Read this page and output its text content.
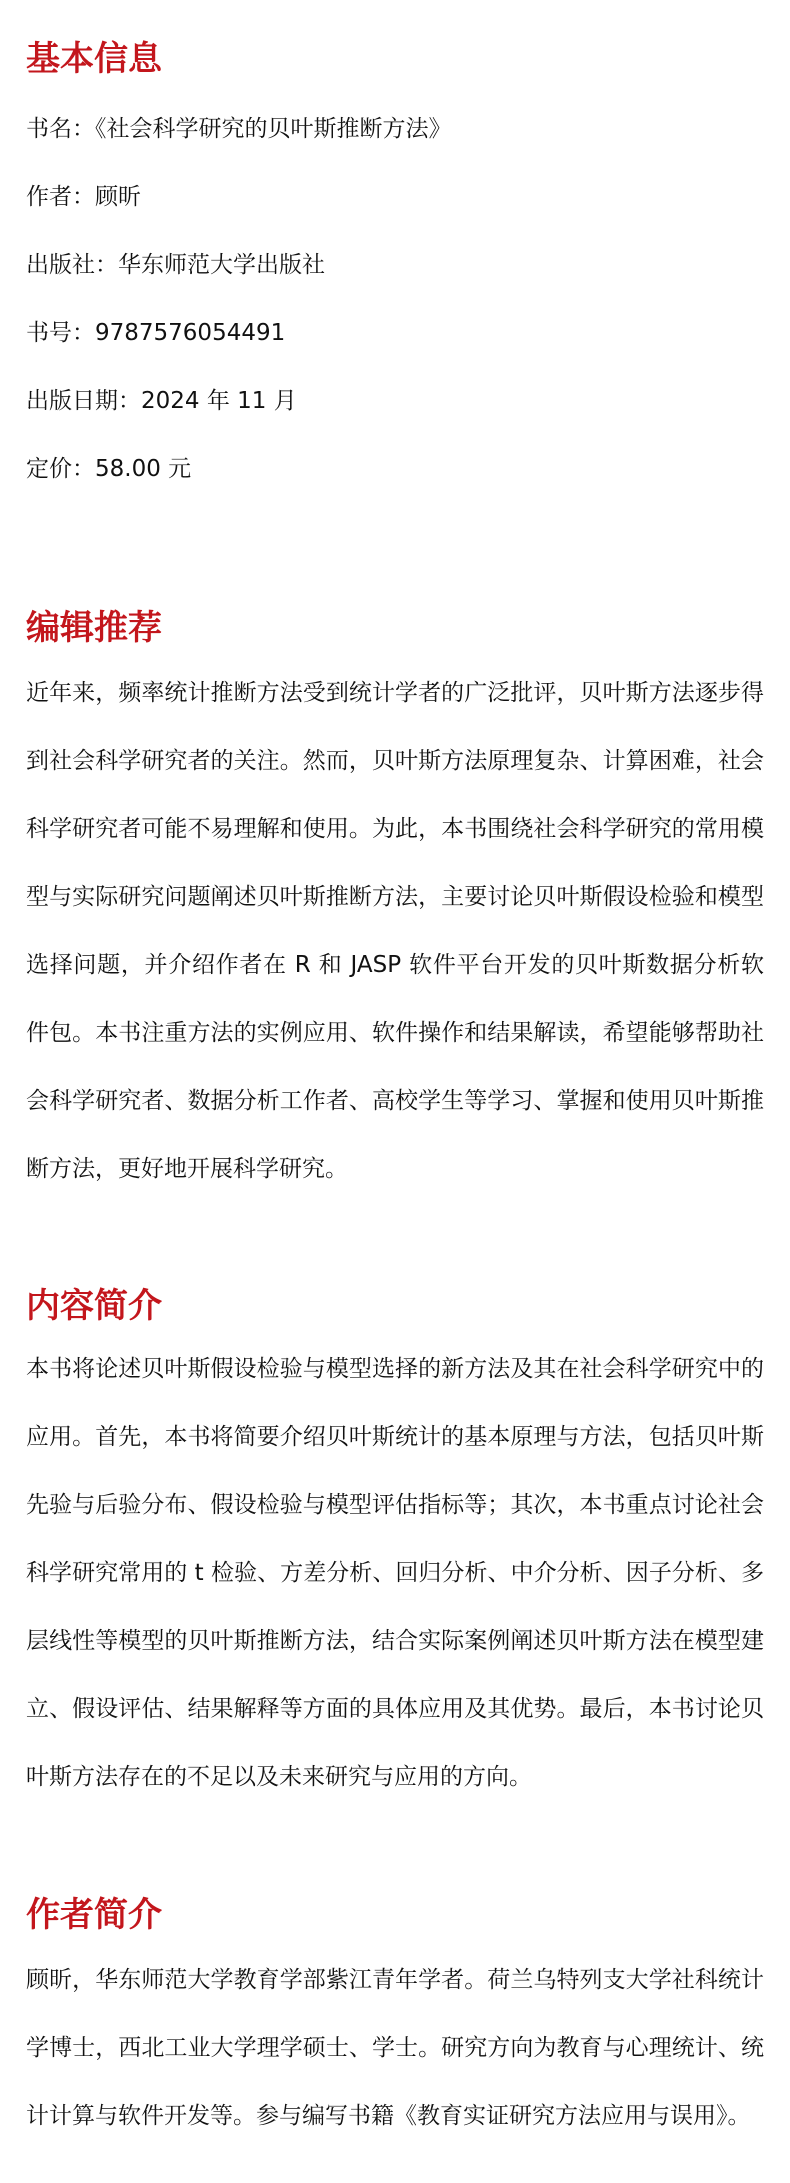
基本信息

书名：《社会科学研究的贝叶斯推断方法》

作者：顾昕

出版社：华东师范大学出版社

书号：9787576054491

出版日期：2024 年 11 月

定价：58.00 元

编辑推荐

近年来，频率统计推断方法受到统计学者的广泛批评，贝叶斯方法逐步得到社会科学研究者的关注。然而，贝叶斯方法原理复杂、计算困难，社会科学研究者可能不易理解和使用。为此，本书围绕社会科学研究的常用模型与实际研究问题阐述贝叶斯推断方法，主要讨论贝叶斯假设检验和模型选择问题，并介绍作者在 R 和 JASP 软件平台开发的贝叶斯数据分析软件包。本书注重方法的实例应用、软件操作和结果解读，希望能够帮助社会科学研究者、数据分析工作者、高校学生等学习、掌握和使用贝叶斯推断方法，更好地开展科学研究。

内容简介

本书将论述贝叶斯假设检验与模型选择的新方法及其在社会科学研究中的应用。首先，本书将简要介绍贝叶斯统计的基本原理与方法，包括贝叶斯先验与后验分布、假设检验与模型评估指标等；其次，本书重点讨论社会科学研究常用的 t 检验、方差分析、回归分析、中介分析、因子分析、多层线性等模型的贝叶斯推断方法，结合实际案例阐述贝叶斯方法在模型建立、假设评估、结果解释等方面的具体应用及其优势。最后，本书讨论贝叶斯方法存在的不足以及未来研究与应用的方向。

作者简介

顾昕，华东师范大学教育学部紫江青年学者。荷兰乌特列支大学社科统计学博士，西北工业大学理学硕士、学士。研究方向为教育与心理统计、统计计算与软件开发等。参与编写书籍《教育实证研究方法应用与误用》。
